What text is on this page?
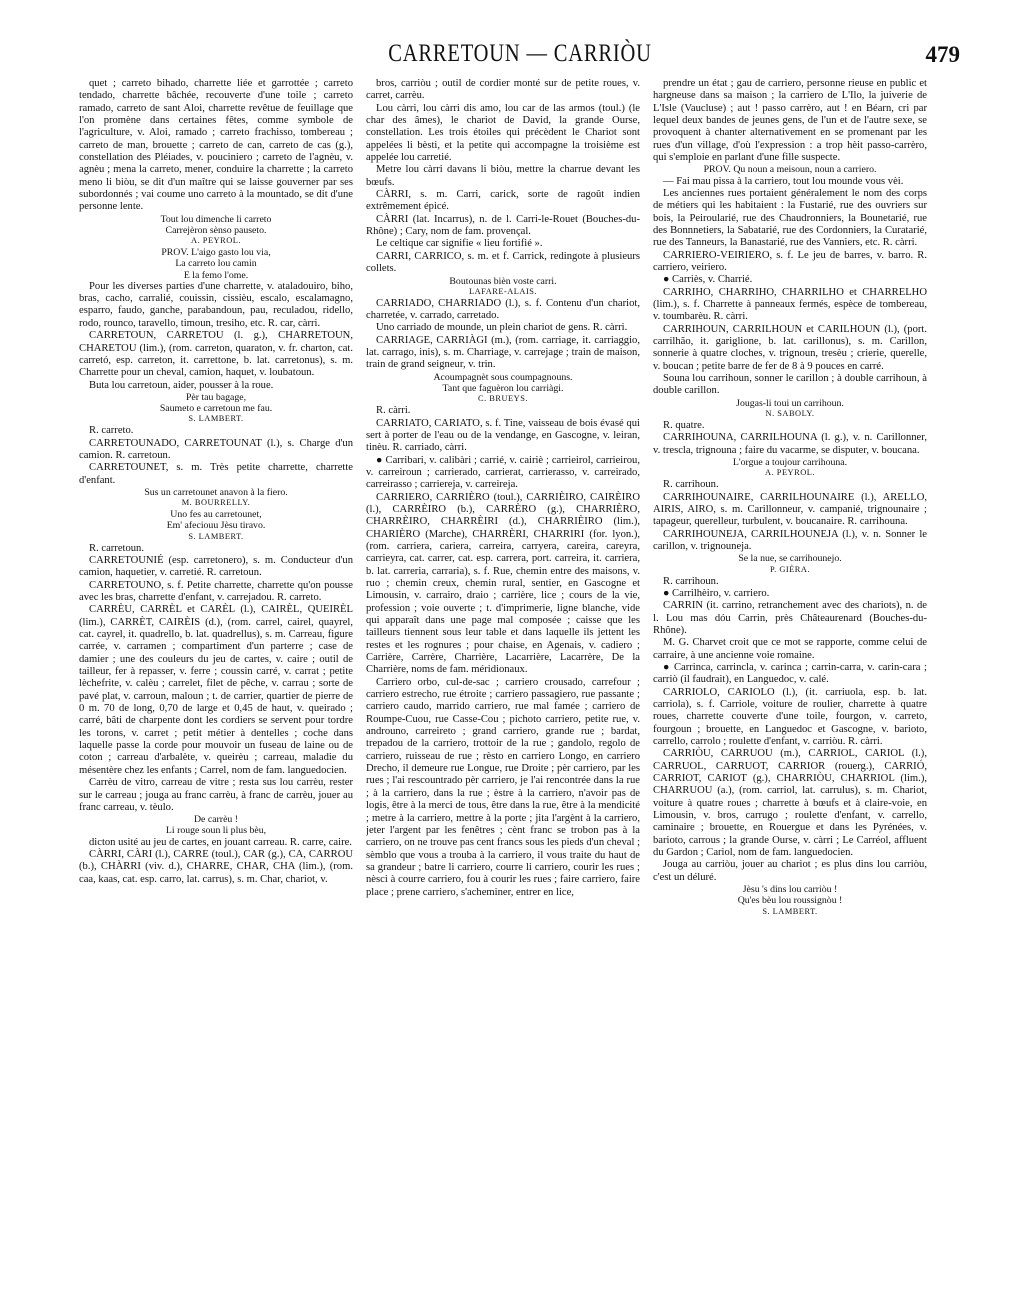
CARRETOUN — CARRIÒU	479

quet ; carreto bihado, charrette liée et garrottée ; carreto tendado, charrette bâchée, recouverte d'une toile ; carreto ramado, carreto de sant Aloi, charrette revêtue de feuillage que l'on promène dans certaines fêtes, comme symbole de l'agriculture, v. Aloi, ramado ; carreto frachisso, tombereau ; carreto de man, brouette ; carreto de can, carreto de cas (g.), constellation des Pléiades, v. pouciniero ; carreto de l'agnèu, v. agnèu ; mena la carreto, mener, conduire la charrette ; la carreto meno li biòu, se dit d'un maître qui se laisse gouverner par ses subordonnés ; vai coume uno carreto à la mountado, se dit d'une personne lente.

Tout lou dimenche li carreto

Carrejèron sènso pauseto.

A. PEYROL.

PROV. L'aigo gasto lou via,

La carreto lou camin

E la femo l'ome.

Pour les diverses parties d'une charrette, v. ataladouiro, biho, bras, cacho, carralié, couissin, cissièu, escalo, escalamagno, esparro, faudo, ganche, parabandoun, pau, reculadou, ridello, rodo, rounco, taravello, timoun, tresiho, etc. R. car, càrri.

CARRETOUN, CARRETOU (l. g.), CHARRETOUN, CHARETOU (lim.), (rom. carreton, quaraton, v. fr. charton, cat. carretó, esp. carreton, it. carrettone, b. lat. carretonus), s. m. Charrette pour un cheval, camion, haquet, v. loubatoun.

Buta lou carretoun, aider, pousser à la roue.

Pèr tau bagage,

Saumeto e carretoun me fau.

S. LAMBERT.

R. carreto.

CARRETOUNADO, CARRETOUNAT (l.), s. Charge d'un camion. R. carretoun.

CARRETOUNET, s. m. Très petite charrette, charrette d'enfant.

Sus un carretounet anavon à la fiero.

M. BOURRELLY.

Uno fes au carretounet,

Em' afeciouu Jèsu tiravo.

S. LAMBERT.

R. carretoun.

CARRETOUNIÉ (esp. carretonero), s. m. Conducteur d'un camion, haquetier, v. carretié. R. carretoun.

CARRETOUNO, s. f. Petite charrette, charrette qu'on pousse avec les bras, charrette d'enfant, v. carrejadou. R. carreto.

CARRÈU, CARRÈL et CARÈL (l.), CAIRÈL, QUEIRÈL (lim.), CARRÈT, CAIRÈIS (d.), (rom. carrel, cairel, quayrel, cat. cayrel, it. quadrello, b. lat. quadrellus), s. m. Carreau, figure carrée, v. carramen ; compartiment d'un parterre ; case de damier ; une des couleurs du jeu de cartes, v. caire ; outil de tailleur, fer à repasser, v. ferre ; coussin carré, v. carrat ; petite lèchefrite, v. calèu ; carrelet, filet de pêche, v. carrau ; sorte de pavé plat, v. carroun, maloun ; t. de carrier, quartier de pierre de 0 m. 70 de long, 0,70 de large et 0,45 de haut, v. queirado ; carré, bâti de charpente dont les cordiers se servent pour tordre les torons, v. carret ; petit métier à dentelles ; coche dans laquelle passe la corde pour mouvoir un fuseau de laine ou de coton ; carreau d'arbalète, v. queirèu ; carreau, maladie du mésentère chez les enfants ; Carrel, nom de fam. languedocien.

Carrèu de vitro, carreau de vitre ; resta sus lou carrèu, rester sur le carreau ; jouga au franc carrèu, à franc de carrèu, jouer au franc carreau, v. tèulo.

De carrèu !

Li rouge soun li plus bèu,

dicton usité au jeu de cartes, en jouant carreau. R. carre, caire.

CÀRRI, CÀRI (l.), CARRE (toul.), CAR (g.), CA, CARROU (b.), CHÀRRI (viv. d.), CHARRE, CHAR, CHA (lim.), (rom. caa, kaas, cat. esp. carro, lat. carrus), s. m. Char, chariot, v.

bros, carriòu ; outil de cordier monté sur de petite roues, v. carret, carrèu.

Lou càrri, lou càrri dis amo, lou car de las armos (toul.) (le char des âmes), le chariot de David, la grande Ourse, constellation. Les trois étoiles qui précèdent le Chariot sont appelées li bèsti, et la petite qui accompagne la troisième est appelée lou carretié.

Metre lou càrri davans li biòu, mettre la charrue devant les bœufs.

CÀRRI, s. m. Carri, carick, sorte de ragoût indien extrêmement épicé.

CÀRRI (lat. Incarrus), n. de l. Carri-le-Rouet (Bouches-du-Rhône) ; Cary, nom de fam. provençal.

Le celtique car signifie « lieu fortifié ».

CARRI, CARRICO, s. m. et f. Carrick, redingote à plusieurs collets.

Boutounas bièn voste carri.

LAFARE-ALAIS.

CARRIADO, CHARRIADO (l.), s. f. Contenu d'un chariot, charretée, v. carrado, carretado.

Uno carriado de mounde, un plein chariot de gens. R. càrri.

CARRIAGE, CARRIÀGI (m.), (rom. carriage, it. carriaggio, lat. carrago, inis), s. m. Charriage, v. carrejage ; train de maison, train de grand seigneur, v. trin.

Acoumpagnèt sous coumpagnouns.

Tant que faguèron lou carriàgi.

C. BRUEYS.

R. càrri.

CARRIATO, CARIATO, s. f. Tine, vaisseau de bois évasé qui sert à porter de l'eau ou de la vendange, en Gascogne, v. leiran, tinèu. R. carriado, càrri.

● Carribari, v. calibàri ; carrié, v. cairiè ; carrieirol, carrieirou, v. carreiroun ; carrierado, carrierat, carrierasso, v. carreirado, carreirasso ; carrierejа, v. carreireja.

CARRIERO, CARRIÈRO (toul.), CARRIÈIRO, CAIRÈIRO (l.), CARRÈIRO (b.), CARRÈRO (g.), CHARRIÈRO, CHARRÈIRO, CHARRÈIRI (d.), CHARRIÈIRO (lim.), CHARIÈRO (Marche), CHARRÈRI, CHARRIRI (for. lyon.), (rom. carriera, cariera, carreira, carryera, careira, careyra, carrieyra, cat. carrer, cat. esp. carrera, port. carreira, it. carriera, b. lat. carreria, carraria), s. f. Rue, chemin entre des maisons, v. ruo ; chemin creux, chemin rural, sentier, en Gascogne et Limousin, v. carrairo, draio ; carrière, lice ; cours de la vie, profession ; voie ouverte ; t. d'imprimerie, ligne blanche, vide qui apparaît dans une page mal composée ; caisse que les tailleurs tiennent sous leur table et dans laquelle ils jettent les restes et les rognures ; pour chaise, en Agenais, v. cadiero ; Carrière, Carrère, Charrière, Lacarrière, Lacarrère, De la Charrière, noms de fam. méridionaux.

Carriero orbo, cul-de-sac ; carriero crousado, carrefour ; carriero estrecho, rue étroite ; carriero passagiero, rue passante ; carriero caudo, marrido carriero, rue mal famée ; carriero de Roumpe-Cuou, rue Casse-Cou ; pichoto carriero, petite rue, v. androuno, carreireto ; grand carriero, grande rue ; bardat, trepadou de la carriero, trottoir de la rue ; gandolo, regolo de carriero, ruisseau de rue ; rèsto en carriero Longo, en carriero Drecho, il demeure rue Longue, rue Droite ; pèr carriero, par les rues ; l'ai rescountrado pèr carriero, je l'ai rencontrée dans la rue ; à la carriero, dans la rue ; èstre à la carriero, n'avoir pas de logis, être à la merci de tous, être dans la rue, être à la mendicité ; metre à la carriero, mettre à la porte ; jita l'argènt à la carriero, jeter l'argent par les fenêtres ; cènt franc se trobon pas à la carriero, on ne trouve pas cent francs sous les pieds d'un cheval ; sèmblo que vous a trouba à la carriero, il vous traite du haut de sa grandeur ; batre li carriero, courre li carriero, courir les rues ; nèsci à courre carriero, fou à courir les rues ; faire carriero, faire place ; prene carriero, s'acheminer, entrer en lice,

prendre un état ; gau de carriero, personne rieuse en public et hargneuse dans sa maison ; la carriero de L'Ilo, la juiverie de L'Isle (Vaucluse) ; aut ! passo carrèro, aut ! en Béarn, cri par lequel deux bandes de jeunes gens, de l'un et de l'autre sexe, se provoquent à chanter alternativement en se promenant par les rues d'un village, d'où l'expression : a trop hèit passo-carrèro, qui s'emploie en parlant d'une fille suspecte.

PROV. Qu noun a meisoun, noun a carriero.

— Fai mau pissa à la carriero, tout lou mounde vous vèi.

Les anciennes rues portaient généralement le nom des corps de métiers qui les habitaient : la Fustarié, rue des ouvriers sur bois, la Peiroularié, rue des Chaudronniers, la Bounetarié, rue des Bonnnetiers, la Sabatarié, rue des Cordonniers, la Curatarié, rue des Tanneurs, la Banastarié, rue des Vanniers, etc. R. càrri.

CARRIERO-VEIRIERO, s. f. Le jeu de barres, v. barro. R. carriero, veiriero.

● Carriès, v. Charrié.

CARRIHO, CHARRIHO, CHARRILHO et CHARRELHO (lim.), s. f. Charrette à panneaux fermés, espèce de tombereau, v. toumbarèu. R. càrri.

CARRIHOUN, CARRILHOUN et CARILHOUN (l.), (port. carrilhão, it. gariglione, b. lat. carillonus), s. m. Carillon, sonnerie à quatre cloches, v. trignoun, tresèu ; crierie, querelle, v. boucan ; petite barre de fer de 8 à 9 pouces en carré.

Souna lou carrihoun, sonner le carillon ; à double carrihoun, à double carillon.

Jougas-li toui un carrihoun.

N. SABOLY.

R. quatre.

CARRIHOUNA, CARRILHOUNA (l. g.), v. n. Carillonner, v. trescla, trignouna ; faire du vacarme, se disputer, v. boucana.

L'orgue a toujour carrihouna.

A. PEYROL.

R. carrihoun.

CARRIHOUNAIRE, CARRILHOUNAIRE (l.), ARELLO, AIRIS, AIRO, s. m. Carillonneur, v. campanié, trignounaire ; tapageur, querelleur, turbulent, v. boucanaire. R. carrihouna.

CARRIHOUNEJA, CARRILHOUNEJA (l.), v. n. Sonner le carillon, v. trignouneja.

Se la nue, se carrihounejo.

P. GIÈRA.

R. carrihoun.

● Carrilhèiro, v. carriero.

CARRIN (it. carrino, retranchement avec des chariots), n. de l. Lou mas dóu Carrin, près Châteaurenard (Bouches-du-Rhône).

M. G. Charvet croit que ce mot se rapporte, comme celui de carraire, à une ancienne voie romaine.

● Carrinca, carrincla, v. carinca ; carrin-carra, v. carin-cara ; carriò (il faudrait), en Languedoc, v. calé.

CARRIOLO, CARIOLO (l.), (it. carriuola, esp. b. lat. carriola), s. f. Carriole, voiture de roulier, charrette à quatre roues, charrette couverte d'une toile, fourgon, v. carreto, fourgoun ; brouette, en Languedoc et Gascogne, v. barioto, carrello, carrolo ; roulette d'enfant, v. carriòu. R. càrri.

CARRIÒU, CARRUOU (m.), CARRIOL, CARIOL (l.), CARRUOL, CARRUOT, CARRIOR (rouerg.), CARRIÓ, CARRIOT, CARIOT (g.), CHARRIÒU, CHARRIOL (lim.), CHARRUOU (a.), (rom. carriol, lat. carrulus), s. m. Chariot, voiture à quatre roues ; charrette à bœufs et à claire-voie, en Limousin, v. bros, carrugo ; roulette d'enfant, v. carrello, caminaire ; brouette, en Rouergue et dans les Pyrénées, v. barioto, carrous ; la grande Ourse, v. càrri ; Le Carréol, affluent du Gardon ; Cariol, nom de fam. languedocien.

Jouga au carriòu, jouer au chariot ; es plus dins lou carriòu, c'est un déluré.

Jèsu 's dins lou carriòu !

Qu'es bèu lou roussignòu !

S. LAMBERT.
